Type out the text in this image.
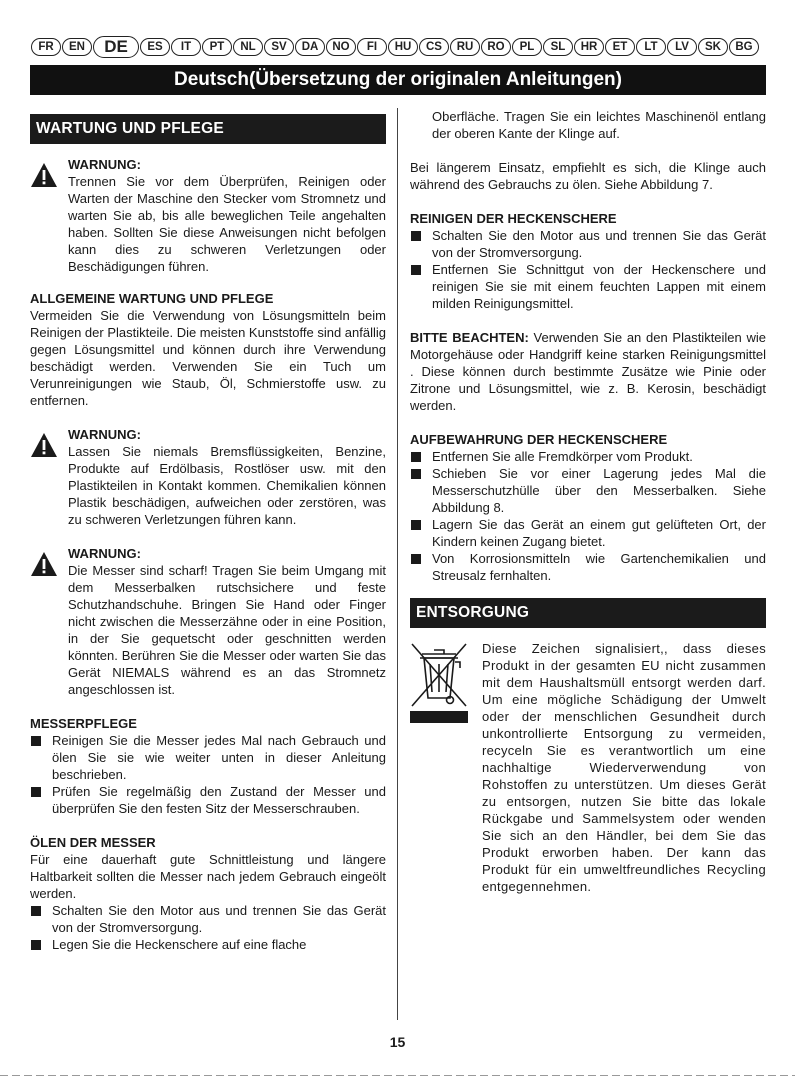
FR	EN	DE	ES	IT	PT	NL	SV	DA	NO	FI	HU	CS	RU	RO	PL	SL	HR	ET	LT	LV	SK	BG
Deutsch(Übersetzung der originalen Anleitungen)
WARTUNG UND PFLEGE
WARNUNG:
Trennen Sie vor dem Überprüfen, Reinigen oder Warten der Maschine den Stecker vom Stromnetz und warten Sie ab, bis alle beweglichen Teile angehalten haben. Sollten Sie diese Anweisungen nicht befolgen kann dies zu schweren Verletzungen oder Beschädigungen führen.
ALLGEMEINE WARTUNG UND PFLEGE
Vermeiden Sie die Verwendung von Lösungsmitteln beim Reinigen der Plastikteile. Die meisten Kunststoffe sind anfällig gegen Lösungsmittel und können durch ihre Verwendung beschädigt werden. Verwenden Sie ein Tuch um Verunreinigungen wie Staub, Öl, Schmierstoffe usw. zu entfernen.
WARNUNG:
Lassen Sie niemals Bremsflüssigkeiten, Benzine, Produkte auf Erdölbasis, Rostlöser usw. mit den Plastikteilen in Kontakt kommen. Chemikalien können Plastik beschädigen, aufweichen oder zerstören, was zu schweren Verletzungen führen kann.
WARNUNG:
Die Messer sind scharf! Tragen Sie beim Umgang mit dem Messerbalken rutschsichere und feste Schutzhandschuhe. Bringen Sie Hand oder Finger nicht zwischen die Messerzähne oder in eine Position, in der Sie gequetscht oder geschnitten werden könnten. Berühren Sie die Messer oder warten Sie das Gerät NIEMALS während es an das Stromnetz angeschlossen ist.
MESSERPFLEGE
Reinigen Sie die Messer jedes Mal nach Gebrauch und ölen Sie sie wie weiter unten in dieser Anleitung beschrieben.
Prüfen Sie regelmäßig den Zustand der Messer und überprüfen Sie den festen Sitz der Messerschrauben.
ÖLEN DER MESSER
Für eine dauerhaft gute Schnittleistung und längere Haltbarkeit sollten die Messer nach jedem Gebrauch eingeölt werden.
Schalten Sie den Motor aus und trennen Sie das Gerät von der Stromversorgung.
Legen Sie die Heckenschere auf eine flache
Oberfläche. Tragen Sie ein leichtes Maschinenöl entlang der oberen Kante der Klinge auf.
Bei längerem Einsatz, empfiehlt es sich, die Klinge auch während des Gebrauchs zu ölen. Siehe Abbildung 7.
REINIGEN DER HECKENSCHERE
Schalten Sie den Motor aus und trennen Sie das Gerät von der Stromversorgung.
Entfernen Sie Schnittgut von der Heckenschere und reinigen Sie sie mit einem feuchten Lappen mit einem milden Reinigungsmittel.
BITTE BEACHTEN: Verwenden Sie an den Plastikteilen wie Motorgehäuse oder Handgriff keine starken Reinigungsmittel . Diese können durch bestimmte Zusätze wie Pinie oder Zitrone und Lösungsmittel, wie z. B. Kerosin, beschädigt werden.
AUFBEWAHRUNG DER HECKENSCHERE
Entfernen Sie alle Fremdkörper vom Produkt.
Schieben Sie vor einer Lagerung jedes Mal die Messerschutzhülle über den Messerbalken. Siehe Abbildung 8.
Lagern Sie das Gerät an einem gut gelüfteten Ort, der Kindern keinen Zugang bietet.
Von Korrosionsmitteln wie Gartenchemikalien und Streusalz fernhalten.
ENTSORGUNG
Diese Zeichen signalisiert,, dass dieses Produkt in der gesamten EU nicht zusammen mit dem Haushaltsmüll entsorgt werden darf. Um eine mögliche Schädigung der Umwelt oder der menschlichen Gesundheit durch unkontrollierte Entsorgung zu vermeiden, recyceln Sie es verantwortlich um eine nachhaltige Wiederverwendung von Rohstoffen zu unterstützen. Um dieses Gerät zu entsorgen, nutzen Sie bitte das lokale Rückgabe und Sammelsystem oder wenden Sie sich an den Händler, bei dem Sie das Produkt erworben haben. Der kann das Produkt für ein umweltfreundliches Recycling entgegennehmen.
15
